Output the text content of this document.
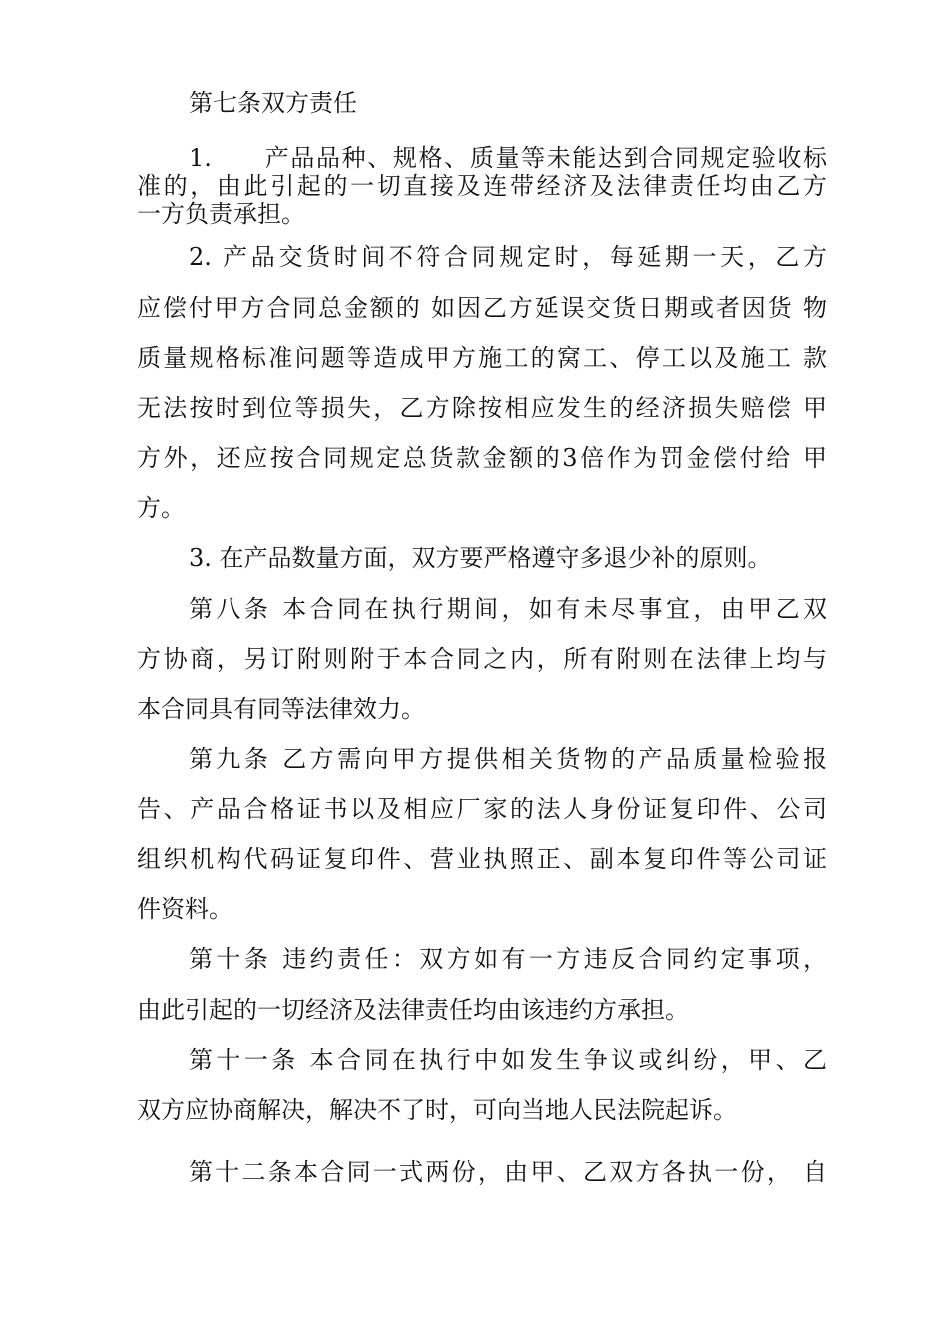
第七条双方责任
1.　　产品品种、规格、质量等未能达到合同规定验收标
准的，由此引起的一切直接及连带经济及法律责任均由乙方
一方负责承担。
2. 产品交货时间不符合同规定时，每延期一天，乙方
应偿付甲方合同总金额的 如因乙方延误交货日期或者因货 物
质量规格标准问题等造成甲方施工的窝工、停工以及施工 款
无法按时到位等损失，乙方除按相应发生的经济损失赔偿 甲
方外，还应按合同规定总货款金额的3倍作为罚金偿付给 甲
方。
3. 在产品数量方面，双方要严格遵守多退少补的原则。
第八条 本合同在执行期间，如有未尽事宜，由甲乙双
方协商，另订附则附于本合同之内，所有附则在法律上均与
本合同具有同等法律效力。
第九条 乙方需向甲方提供相关货物的产品质量检验报
告、产品合格证书以及相应厂家的法人身份证复印件、公司
组织机构代码证复印件、营业执照正、副本复印件等公司证
件资料。
第十条 违约责任：双方如有一方违反合同约定事项，
由此引起的一切经济及法律责任均由该违约方承担。
第十一条 本合同在执行中如发生争议或纠纷，甲、乙
双方应协商解决，解决不了时，可向当地人民法院起诉。
第十二条本合同一式两份，由甲、乙双方各执一份， 自
